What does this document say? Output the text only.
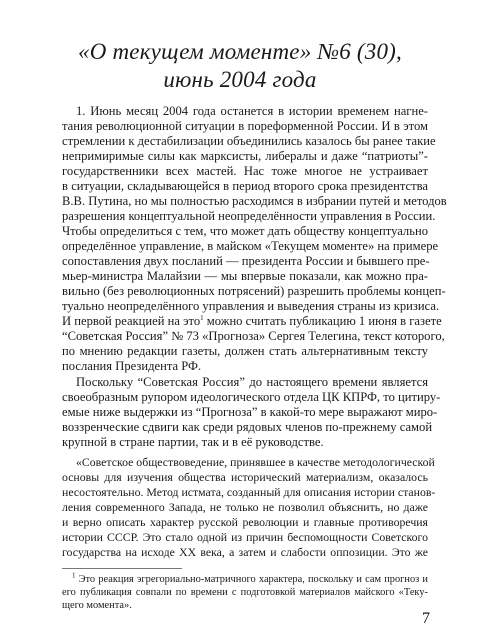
«О текущем моменте» №6 (30),
июнь 2004 года
1. Июнь месяц 2004 года останется в истории временем нагне-
тания революционной ситуации в пореформенной России. И в этом
стремлении к дестабилизации объединились казалось бы ранее такие
непримиримые силы как марксисты, либералы и даже “патриоты”-
государственники всех мастей. Нас тоже многое не устраивает
в ситуации, складывающейся в период второго срока президентства
В.В. Путина, но мы полностью расходимся в избрании путей и методов
разрешения концептуальной неопределённости управления в России.
Чтобы определиться с тем, что может дать обществу концептуально
определённое управление, в майском «Текущем моменте» на примере
сопоставления двух посланий — президента России и бывшего пре-
мьер-министра Малайзии — мы впервые показали, как можно пра-
вильно (без революционных потрясений) разрешить проблемы концеп-
туально неопределённого управления и выведения страны из кризиса.
И первой реакцией на это$^1$ можно считать публикацию 1 июня в газете
“Советская Россия” № 73 «Прогноза» Сергея Телегина, текст которого,
по мнению редакции газеты, должен стать альтернативным тексту
послания Президента РФ.
Поскольку “Советская Россия” до настоящего времени является
своеобразным рупором идеологического отдела ЦК КПРФ, то цитиру-
емые ниже выдержки из “Прогноза” в какой-то мере выражают миро-
воззренческие сдвиги как среди рядовых членов по-прежнему самой
крупной в стране партии, так и в её руководстве.
«Советское обществоведение, принявшее в качестве методологической
основы для изучения общества исторический материализм, оказалось
несостоятельно. Метод истмата, созданный для описания истории станов-
ления современного Запада, не только не позволил объяснить, но даже
и верно описать характер русской революции и главные противоречия
истории СССР. Это стало одной из причин беспомощности Советского
государства на исходе XX века, а затем и слабости оппозиции. Это же
$^1$ Это реакция эгрегориально-матричного характера, поскольку и сам прогноз и
его публикация совпали по времени с подготовкой материалов майского «Теку-
щего момента».
7
